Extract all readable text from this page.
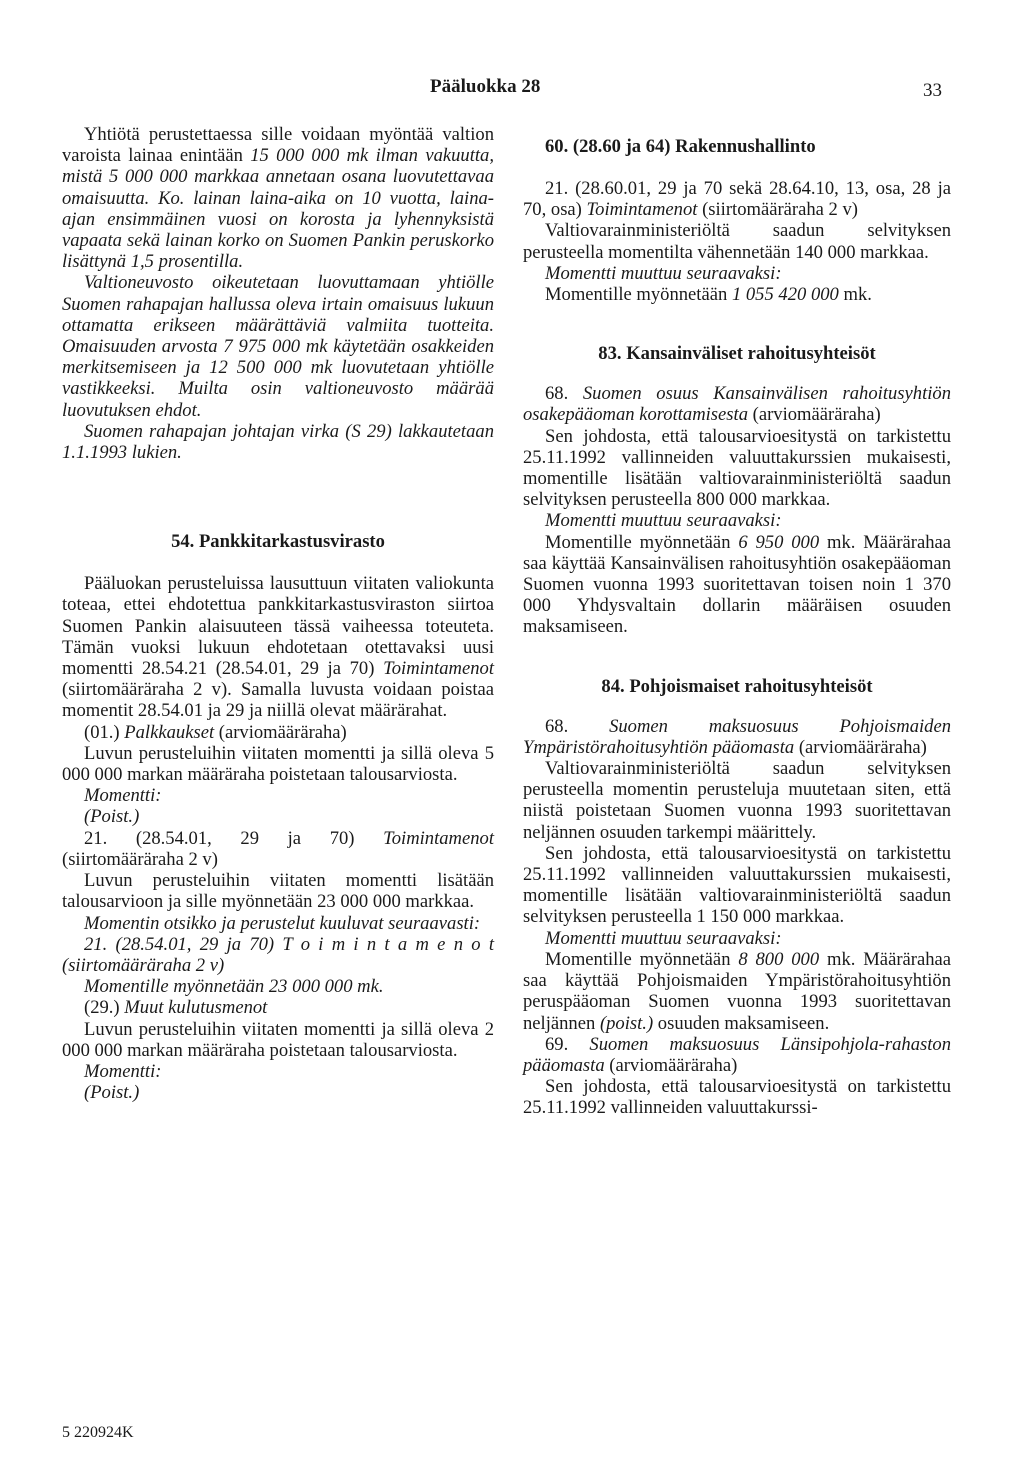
Pääluokka 28	33

Yhtiötä perustettaessa sille voidaan myöntää valtion varoista lainaa enintään 15 000 000 mk ilman vakuutta, mistä 5 000 000 markkaa annetaan osana luovutettavaa omaisuutta. Ko. lainan laina-aika on 10 vuotta, laina-ajan ensimmäinen vuosi on korosta ja lyhennyksistä vapaata sekä lainan korko on Suomen Pankin peruskorko lisättynä 1,5 prosentilla.

Valtioneuvosto oikeutetaan luovuttamaan yhtiölle Suomen rahapajan hallussa oleva irtain omaisuus lukuun ottamatta erikseen määrättäviä valmiita tuotteita. Omaisuuden arvosta 7 975 000 mk käytetään osakkeiden merkitsemiseen ja 12 500 000 mk luovutetaan yhtiölle vastikkeeksi. Muilta osin valtioneuvosto määrää luovutuksen ehdot.

Suomen rahapajan johtajan virka (S 29) lakkautetaan 1.1.1993 lukien.

54. Pankkitarkastusvirasto

Pääluokan perusteluissa lausuttuun viitaten valiokunta toteaa, ettei ehdotettua pankkitarkastusviraston siirtoa Suomen Pankin alaisuuteen tässä vaiheessa toteuteta. Tämän vuoksi lukuun ehdotetaan otettavaksi uusi momentti 28.54.21 (28.54.01, 29 ja 70) Toimintamenot (siirtomääräraha 2 v). Samalla luvusta voidaan poistaa momentit 28.54.01 ja 29 ja niillä olevat määrärahat.

(01.) Palkkaukset (arviomääräraha)

Luvun perusteluihin viitaten momentti ja sillä oleva 5 000 000 markan määräraha poistetaan talousarviosta.

Momentti:

(Poist.)

21. (28.54.01, 29 ja 70) Toimintamenot (siirtomääräraha 2 v)

Luvun perusteluihin viitaten momentti lisätään talousarvioon ja sille myönnetään 23 000 000 markkaa.

Momentin otsikko ja perustelut kuuluvat seuraavasti:

21. (28.54.01, 29 ja 70) T o i m i n t a m e n o t (siirtomääräraha 2 v)

Momentille myönnetään 23 000 000 mk.

(29.) Muut kulutusmenot

Luvun perusteluihin viitaten momentti ja sillä oleva 2 000 000 markan määräraha poistetaan talousarviosta.

Momentti:

(Poist.)

60. (28.60 ja 64) Rakennushallinto

21. (28.60.01, 29 ja 70 sekä 28.64.10, 13, osa, 28 ja 70, osa) Toimintamenot (siirtomääräraha 2 v)

Valtiovarainministeriöltä saadun selvityksen perusteella momentilta vähennetään 140 000 markkaa.

Momentti muuttuu seuraavaksi:

Momentille myönnetään 1 055 420 000 mk.

83. Kansainväliset rahoitusyhteisöt

68. Suomen osuus Kansainvälisen rahoitusyhtiön osakepääoman korottamisesta (arviomääräraha)

Sen johdosta, että talousarvioesitystä on tarkistettu 25.11.1992 vallinneiden valuuttakurssien mukaisesti, momentille lisätään valtiovarainministeriöltä saadun selvityksen perusteella 800 000 markkaa.

Momentti muuttuu seuraavaksi:

Momentille myönnetään 6 950 000 mk. Määrärahaa saa käyttää Kansainvälisen rahoitusyhtiön osakepääoman Suomen vuonna 1993 suoritettavan toisen noin 1 370 000 Yhdysvaltain dollarin määräisen osuuden maksamiseen.

84. Pohjoismaiset rahoitusyhteisöt

68. Suomen maksuosuus Pohjoismaiden Ympäristörahoitusyhtiön pääomasta (arviomääräraha)

Valtiovarainministeriöltä saadun selvityksen perusteella momentin perusteluja muutetaan siten, että niistä poistetaan Suomen vuonna 1993 suoritettavan neljännen osuuden tarkempi määrittely.

Sen johdosta, että talousarvioesitystä on tarkistettu 25.11.1992 vallinneiden valuuttakurssien mukaisesti, momentille lisätään valtiovarainministeriöltä saadun selvityksen perusteella 1 150 000 markkaa.

Momentti muuttuu seuraavaksi:

Momentille myönnetään 8 800 000 mk. Määrärahaa saa käyttää Pohjoismaiden Ympäristörahoitusyhtiön peruspääoman Suomen vuonna 1993 suoritettavan neljännen (poist.) osuuden maksamiseen.

69. Suomen maksuosuus Länsipohjola-rahaston pääomasta (arviomääräraha)

Sen johdosta, että talousarvioesitystä on tarkistettu 25.11.1992 vallinneiden valuuttakurssi-

5 220924K
